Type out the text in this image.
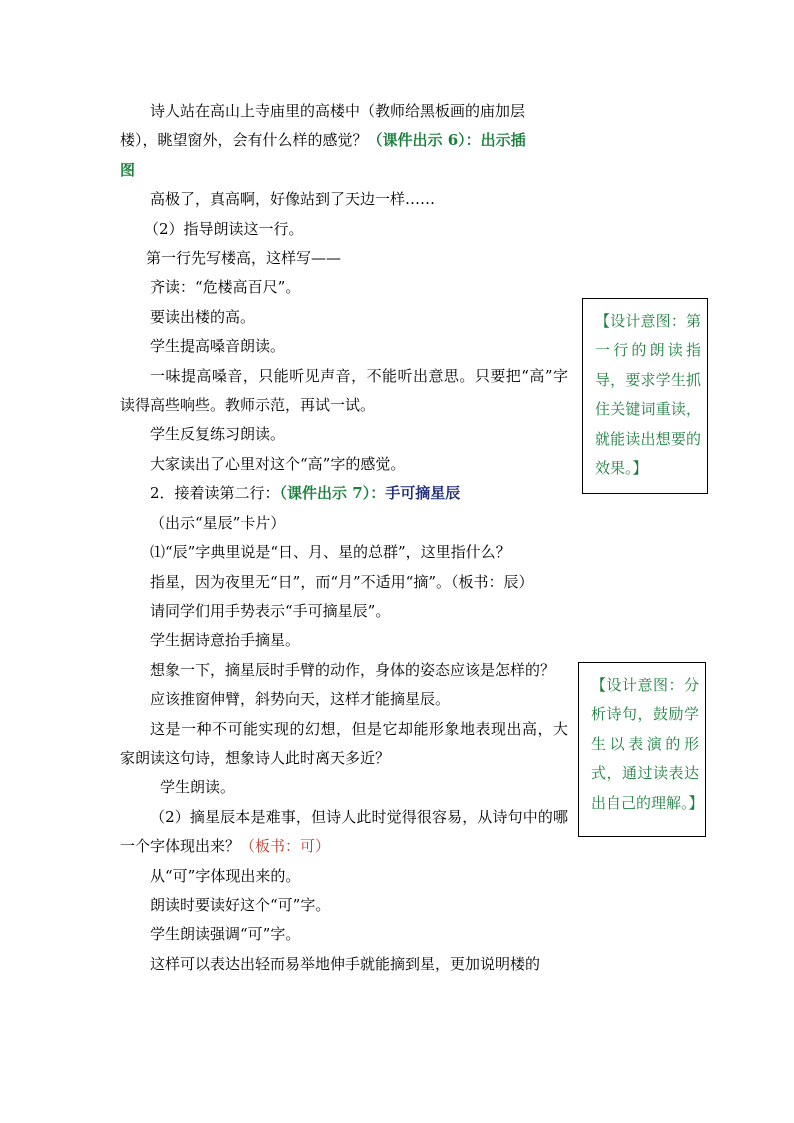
诗人站在高山上寺庙里的高楼中（教师给黑板画的庙加层

楼），眺望窗外，会有什么样的感觉？（课件出示 6）：出示插

图

高极了，真高啊，好像站到了天边一样……

（2）指导朗读这一行。

第一行先写楼高，这样写——

齐读：“危楼高百尺”。

要读出楼的高。

学生提高嗓音朗读。

一味提高嗓音，只能听见声音，不能听出意思。只要把“高”字读得高些响些。教师示范，再试一试。

学生反复练习朗读。

大家读出了心里对这个“高”字的感觉。

2．接着读第二行：（课件出示 7）：手可摘星辰

（出示“星辰”卡片）

⑴“辰”字典里说是“日、月、星的总群”，这里指什么？

指星，因为夜里无“日”，而“月”不适用“摘”。（板书：辰）

请同学们用手势表示“手可摘星辰”。

学生据诗意抬手摘星。

想象一下，摘星辰时手臂的动作，身体的姿态应该是怎样的？

应该推窗伸臂，斜势向天，这样才能摘星辰。

这是一种不可能实现的幻想，但是它却能形象地表现出高，大家朗读这句诗，想象诗人此时离天多近？

学生朗读。

（2）摘星辰本是难事，但诗人此时觉得很容易，从诗句中的哪一个字体现出来？（板书：可）

从“可”字体现出来的。

朗读时要读好这个“可”字。

学生朗读强调“可”字。

这样可以表达出轻而易举地伸手就能摘到星，更加说明楼的

【设计意图：第一行的朗读指导，要求学生抓住关键词重读，就能读出想要的效果。】
【设计意图：分析诗句，鼓励学生以表演的形式，通过读表达出自己的理解。】
